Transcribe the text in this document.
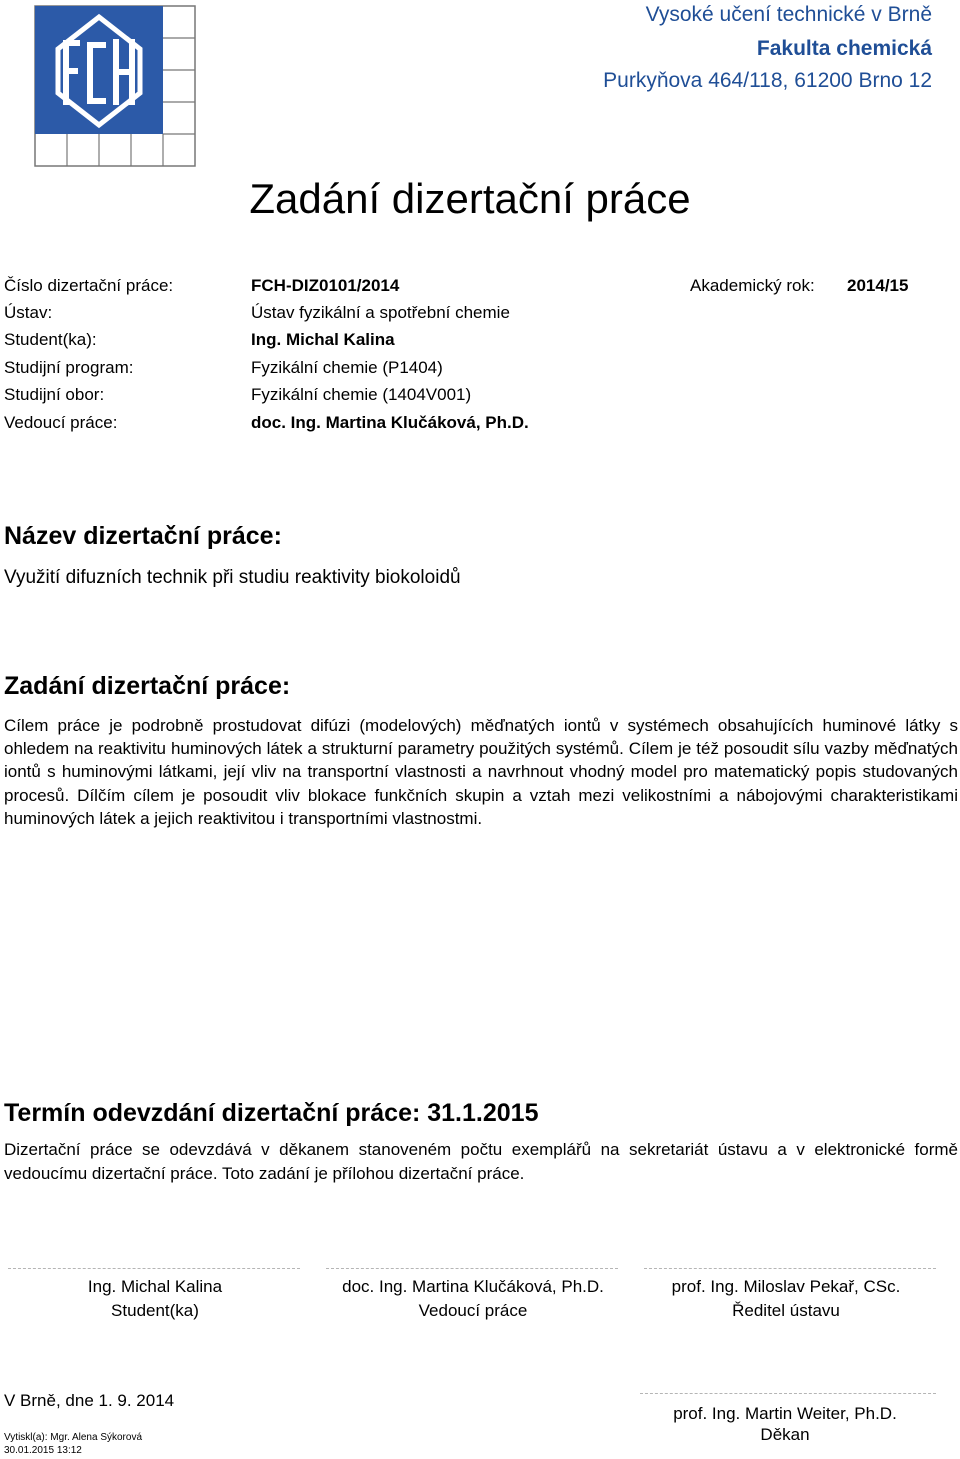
Vysoké učení technické v Brně
Fakulta chemická
Purkyňova 464/118, 61200 Brno 12
Zadání dizertační práce
Číslo dizertační práce:	FCH-DIZ0101/2014	Akademický rok: 2014/15
Ústav:	Ústav fyzikální a spotřební chemie
Student(ka):	Ing. Michal Kalina
Studijní program:	Fyzikální chemie (P1404)
Studijní obor:	Fyzikální chemie (1404V001)
Vedoucí práce:	doc. Ing. Martina Klučáková, Ph.D.
Název dizertační práce:
Využití difuzních technik při studiu reaktivity biokoloidů
Zadání dizertační práce:
Cílem práce je podrobně prostudovat difúzi (modelových) měďnatých iontů v systémech obsahujících huminové látky s ohledem na reaktivitu huminových látek a strukturní parametry použitých systémů. Cílem je též posoudit sílu vazby měďnatých iontů s huminovými látkami, její vliv na transportní vlastnosti a navrhnout vhodný model pro matematický popis studovaných procesů. Dílčím cílem je posoudit vliv blokace funkčních skupin a vztah mezi velikostními a nábojovými charakteristikami huminových látek a jejich reaktivitou i transportními vlastnostmi.
Termín odevzdání dizertační práce: 31.1.2015
Dizertační práce se odevzdává v děkanem stanoveném počtu exemplářů na sekretariát ústavu a v elektronické formě vedoucímu dizertační práce. Toto zadání je přílohou dizertační práce.
Ing. Michal Kalina
Student(ka)
doc. Ing. Martina Klučáková, Ph.D.
Vedoucí práce
prof. Ing. Miloslav Pekař, CSc.
Ředitel ústavu
V Brně, dne 1. 9. 2014
prof. Ing. Martin Weiter, Ph.D.
Děkan
Vytiskl(a): Mgr. Alena Sýkorová
30.01.2015 13:12
